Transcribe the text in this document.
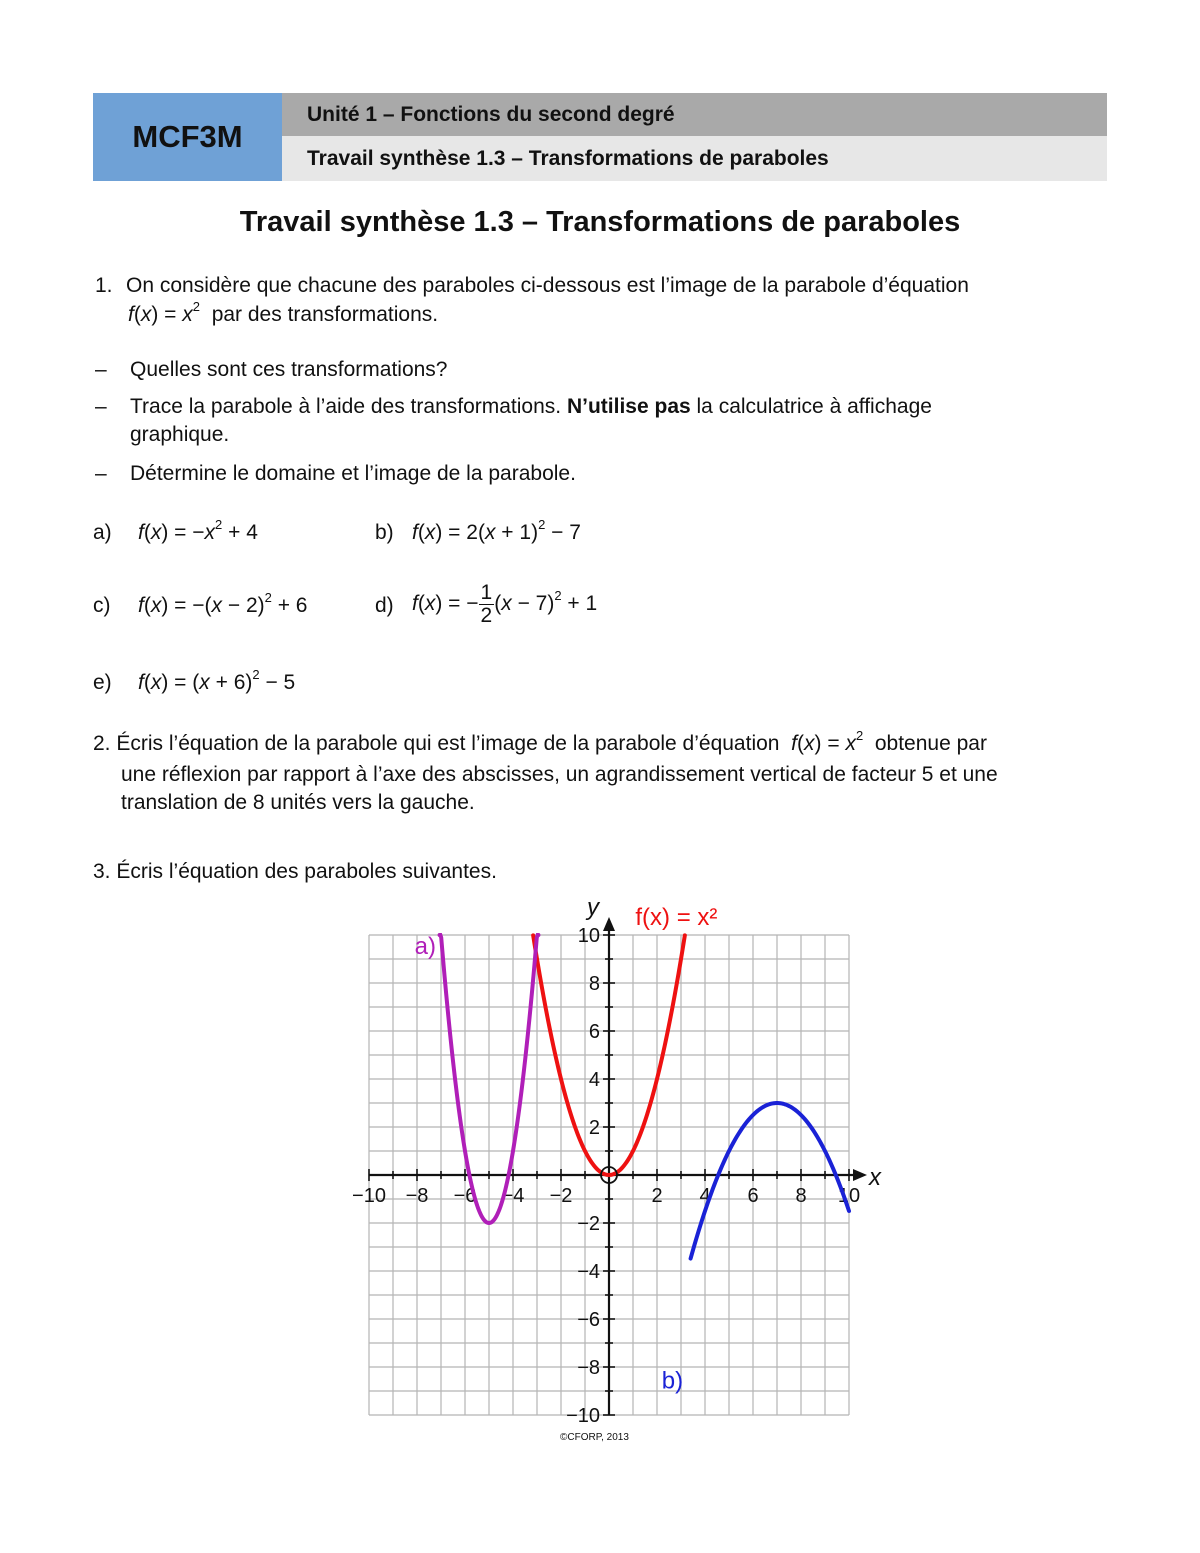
MCF3M
Unité 1 – Fonctions du second degré
Travail synthèse 1.3 – Transformations de paraboles
Travail synthèse 1.3 – Transformations de paraboles
1. On considère que chacune des paraboles ci-dessous est l’image de la parabole d’équation
$f(x) = x^2$ par des transformations.
– Quelles sont ces transformations?
– Trace la parabole à l’aide des transformations. N’utilise pas la calculatrice à affichage
graphique.
– Détermine le domaine et l’image de la parabole.
a) $f(x) = -x^2 + 4$	b) $f(x) = 2(x + 1)^2 - 7$
c) $f(x) = -(x - 2)^2 + 6$	d) f(x) = − $\frac{1}{2} (x - 7)^2 + 1$
e) $f(x) = (x + 6)^2 - 5$
2. Écris l’équation de la parabole qui est l’image de la parabole d’équation $f(x) = x^2$ obtenue par
une réflexion par rapport à l’axe des abscisses, un agrandissement vertical de facteur 5 et une
translation de 8 unités vers la gauche.
3. Écris l’équation des paraboles suivantes.
−10 −8 −6 −4 −2	2 4 6 8 10
−10
−8
−6
−4
−2
2
4
6
8
10
x
y f(x) = x²
a)
b)
©CFORP, 2013
